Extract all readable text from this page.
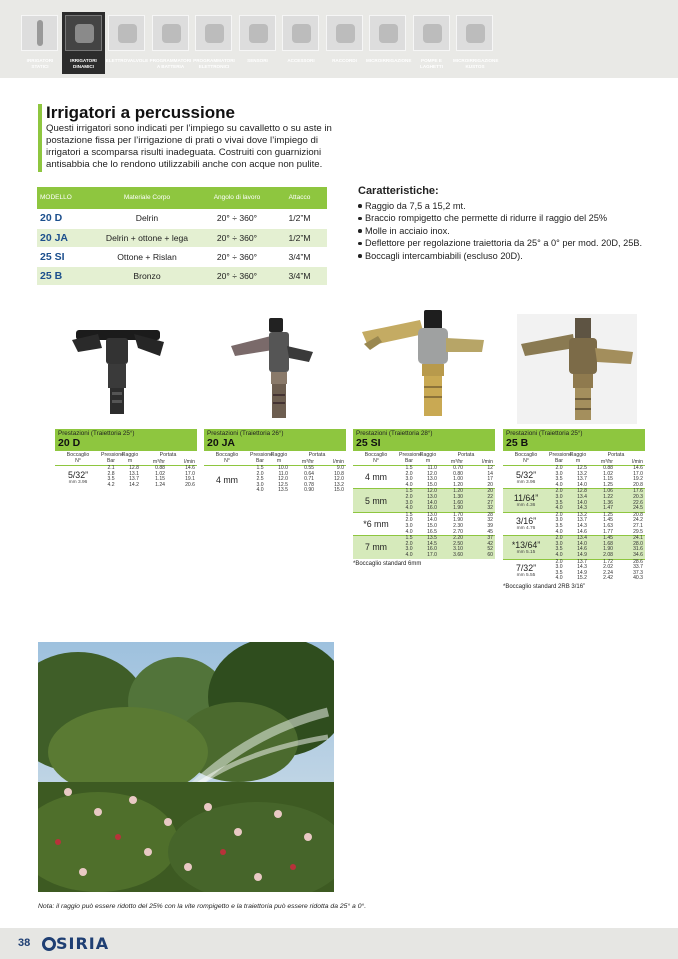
IRRIGATORI STATICI
IRRIGATORI DINAMICI
ELETTROVALVOLE PROGRAMMATORI A BATTERIA
PROGRAMMATORI ELETTRONICI
SENSORI	ACCESSORI	RACCORDI	MICROIRRIGAZIONE	POMPE E LAGHETTI
MICROIRRIGAZIONE KUSTOS
Irrigatori a percussione

Questi irrigatori sono indicati per l’impiego su cavalletto o su aste in postazione fissa per l’irrigazione di prati o vivai dove l’impiego di irrigatori a scomparsa risulti inadeguata. Costruiti con guarnizioni antisabbia che lo rendono utilizzabili anche con acque non pulite.

MODELLO	Materiale Corpo	Angolo di lavoro	Attacco
20 D	Delrin	20° ÷ 360°	1/2”M
20 JA	Delrin + ottone + lega	20° ÷ 360°	1/2”M
25 SI	Ottone + Rislan	20° ÷ 360°	3/4”M
25 B	Bronzo	20° ÷ 360°	3/4”M
Caratteristiche:
Raggio da 7,5 a 15,2 mt.
Braccio rompigetto che permette di ridurre il raggio del 25%
Molle in acciaio inox.
Deflettore per regolazione traiettoria da 25° a 0° per mod. 20D, 25B.
Boccagli intercambiabili (escluso 20D).
Prestazioni (Traiettoria 25°)
20 D
Boccaglio
N°
Pressione
Bar
Raggio
m
Portata
m³/hr	l/min
5/32”
mm 3.96
2.1	12.8	0.88	14.6
2.8	13.1	1.02	17.0
3.5	13.7	1.15	19.1
4.2	14.2	1.24	20.6
Prestazioni (Traiettoria 26°)
20 JA
Boccaglio
N°
Pressione
Bar
Raggio
m
Portata
m³/hr	l/min
4 mm
1.5	10.0	0.55	9.0
2.0	11.0	0.64	10.8
2.5	12.0	0.71	12.0
3.0	12.5	0.78	13.2
4.0	13.5	0.90	15.0
Prestazioni (Traiettoria 28°)
25 SI
Boccaglio
N°
Pressione
Bar
Raggio
m
Portata
m³/hr	l/min
4 mm
1.5	11.0	0.70	12
2.0	12.0	0.80	14
3.0	13.0	1.00	17
4.0	15.0	1.20	20
5 mm
1.5	12.0	1.20	20
2.0	13.0	1.30	22
3.0	14.0	1.60	27
4.0	16.0	1.90	32
*6 mm
1.5	13.0	1.70	28
2.0	14.0	1.90	32
3.0	15.0	2.30	39
4.0	16.5	2.70	45
7 mm
1.5	13.5	2.20	37
2.0	14.5	2.50	42
3.0	16.0	3.10	52
4.0	17.0	3.60	60
*Boccaglio standard 6mm
Prestazioni (Traiettoria 25°)
25 B
Boccaglio
N°
Pressione
Bar
Raggio
m
Portata
m³/hr	l/min
5/32”
mm 3.96
2.0	12.5	0.88	14.6
3.0	13.2	1.02	17.0
3.5	13.7	1.15	19.2
4.0	14.0	1.25	20.8
11/64”
mm 4.36
2.0	12.8	1.06	17.6
3.0	13.4	1.22	20.3
3.5	14.0	1.36	22.6
4.0	14.3	1.47	24.5
3/16”
mm 4.76
2.0	13.2	1.25	20.8
3.0	13.7	1.45	24.2
3.5	14.3	1.63	27.1
4.0	14.6	1.77	29.5
*13/64”
mm 5.15
2.0	13.4	1.45	24.1
3.0	14.0	1.68	28.0
3.5	14.6	1.90	31.6
4.0	14.9	2.08	34.6
7/32”
mm 5.55
2.0	13.7	1.72	28.6
3.0	14.3	2.02	33.7
3.5	14.9	2.24	37.3
4.0	15.2	2.42	40.3
*Boccaglio standard 2RB 3/16”

Nota: il raggio può essere ridotto del 25% con la vite rompigetto e la traiettoria può essere ridotta da 25° a 0°.

38	SIRIA
